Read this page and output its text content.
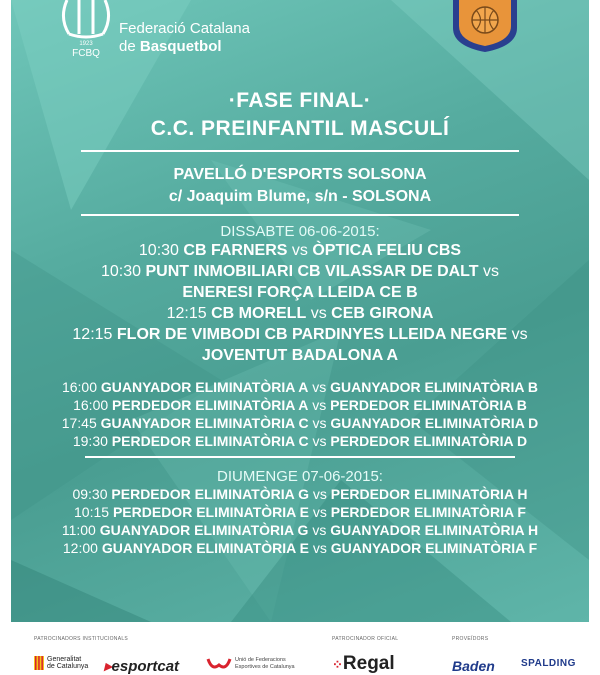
1923
FCBQ
Federació Catalana
de Basquetbol
·FASE FINAL·
C.C. PREINFANTIL MASCULÍ
PAVELLÓ D'ESPORTS SOLSONA
c/ Joaquim Blume, s/n - SOLSONA
DISSABTE 06-06-2015:
10:30 CB FARNERS vs ÒPTICA FELIU CBS
10:30 PUNT INMOBILIARI CB VILASSAR DE DALT vs
ENERESI FORÇA LLEIDA CE B
12:15 CB MORELL vs CEB GIRONA
12:15 FLOR DE VIMBODI CB PARDINYES LLEIDA NEGRE vs
JOVENTUT BADALONA A
16:00 GUANYADOR ELIMINATÒRIA A vs GUANYADOR ELIMINATÒRIA B
16:00 PERDEDOR ELIMINATÒRIA A vs PERDEDOR ELIMINATÒRIA B
17:45 GUANYADOR ELIMINATÒRIA C vs GUANYADOR ELIMINATÒRIA D
19:30 PERDEDOR ELIMINATÒRIA C vs PERDEDOR ELIMINATÒRIA D
DIUMENGE 07-06-2015:
09:30 PERDEDOR ELIMINATÒRIA G vs PERDEDOR ELIMINATÒRIA H
10:15 PERDEDOR ELIMINATÒRIA E vs PERDEDOR ELIMINATÒRIA F
11:00 GUANYADOR ELIMINATÒRIA G vs GUANYADOR ELIMINATÒRIA H
12:00 GUANYADOR ELIMINATÒRIA E vs GUANYADOR ELIMINATÒRIA F
PATROCINADORS INSTITUCIONALS	PATROCINADOR OFICIAL	PROVEÏDORS
Generalitat
de Catalunya ▸esportcat	Unió de Federacions
Esportives de Catalunya	⁘Regal	Baden	SPALDING
